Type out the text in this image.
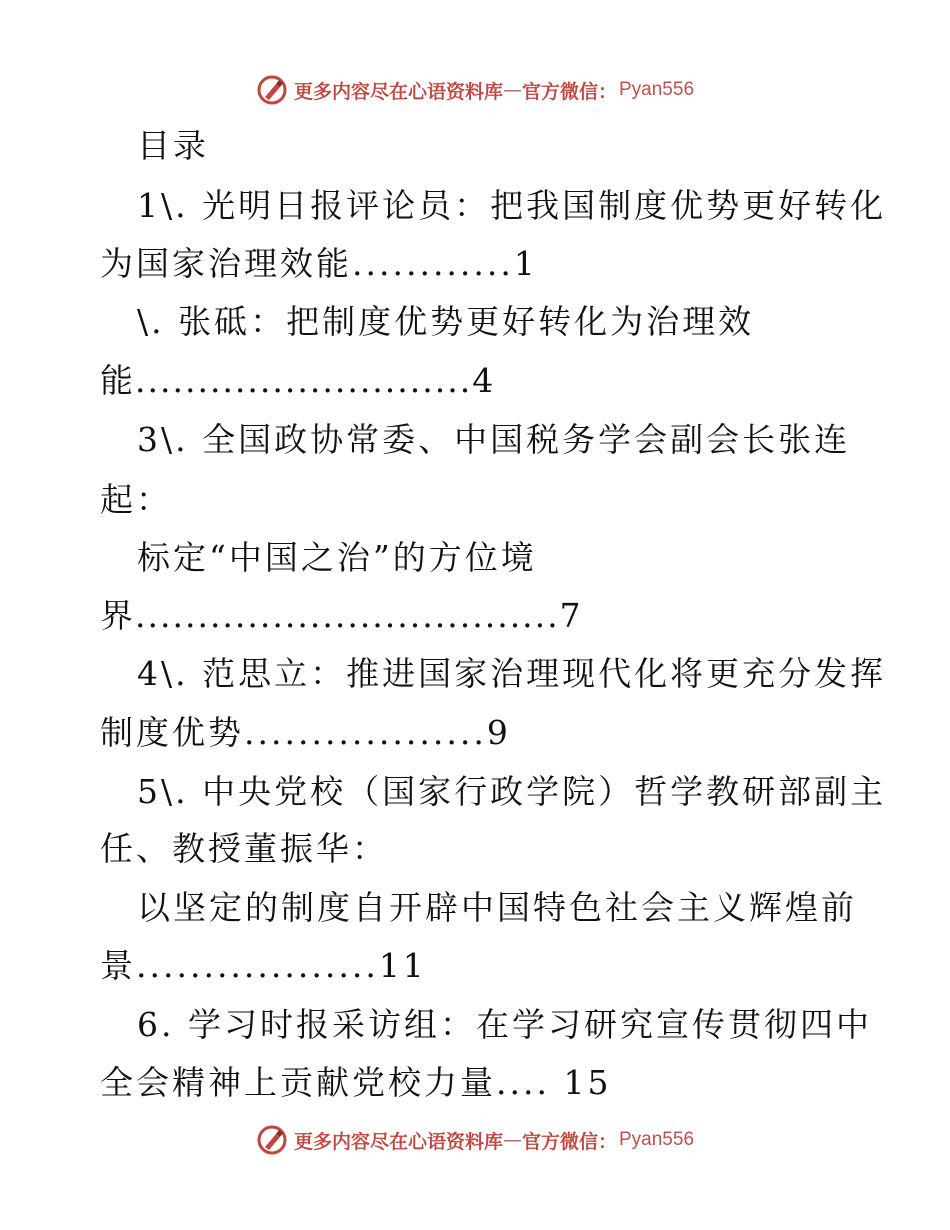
更多内容尽在心语资料库 — 官方微信： Pyan556
目录
1\. 光明日报评论员：把我国制度优势更好转化
为国家治理效能............1
\. 张砥：把制度优势更好转化为治理效
能...........................4
3\. 全国政协常委、中国税务学会副会长张连
起：
标定“中国之治”的方位境
界..................................7
4\. 范思立：推进国家治理现代化将更充分发挥
制度优势..................9
5\. 中央党校（国家行政学院）哲学教研部副主
任、教授董振华：
以坚定的制度自开辟中国特色社会主义辉煌前
景..................11
6. 学习时报采访组：在学习研究宣传贯彻四中
全会精神上贡献党校力量.... 15
更多内容尽在心语资料库 — 官方微信： Pyan556
